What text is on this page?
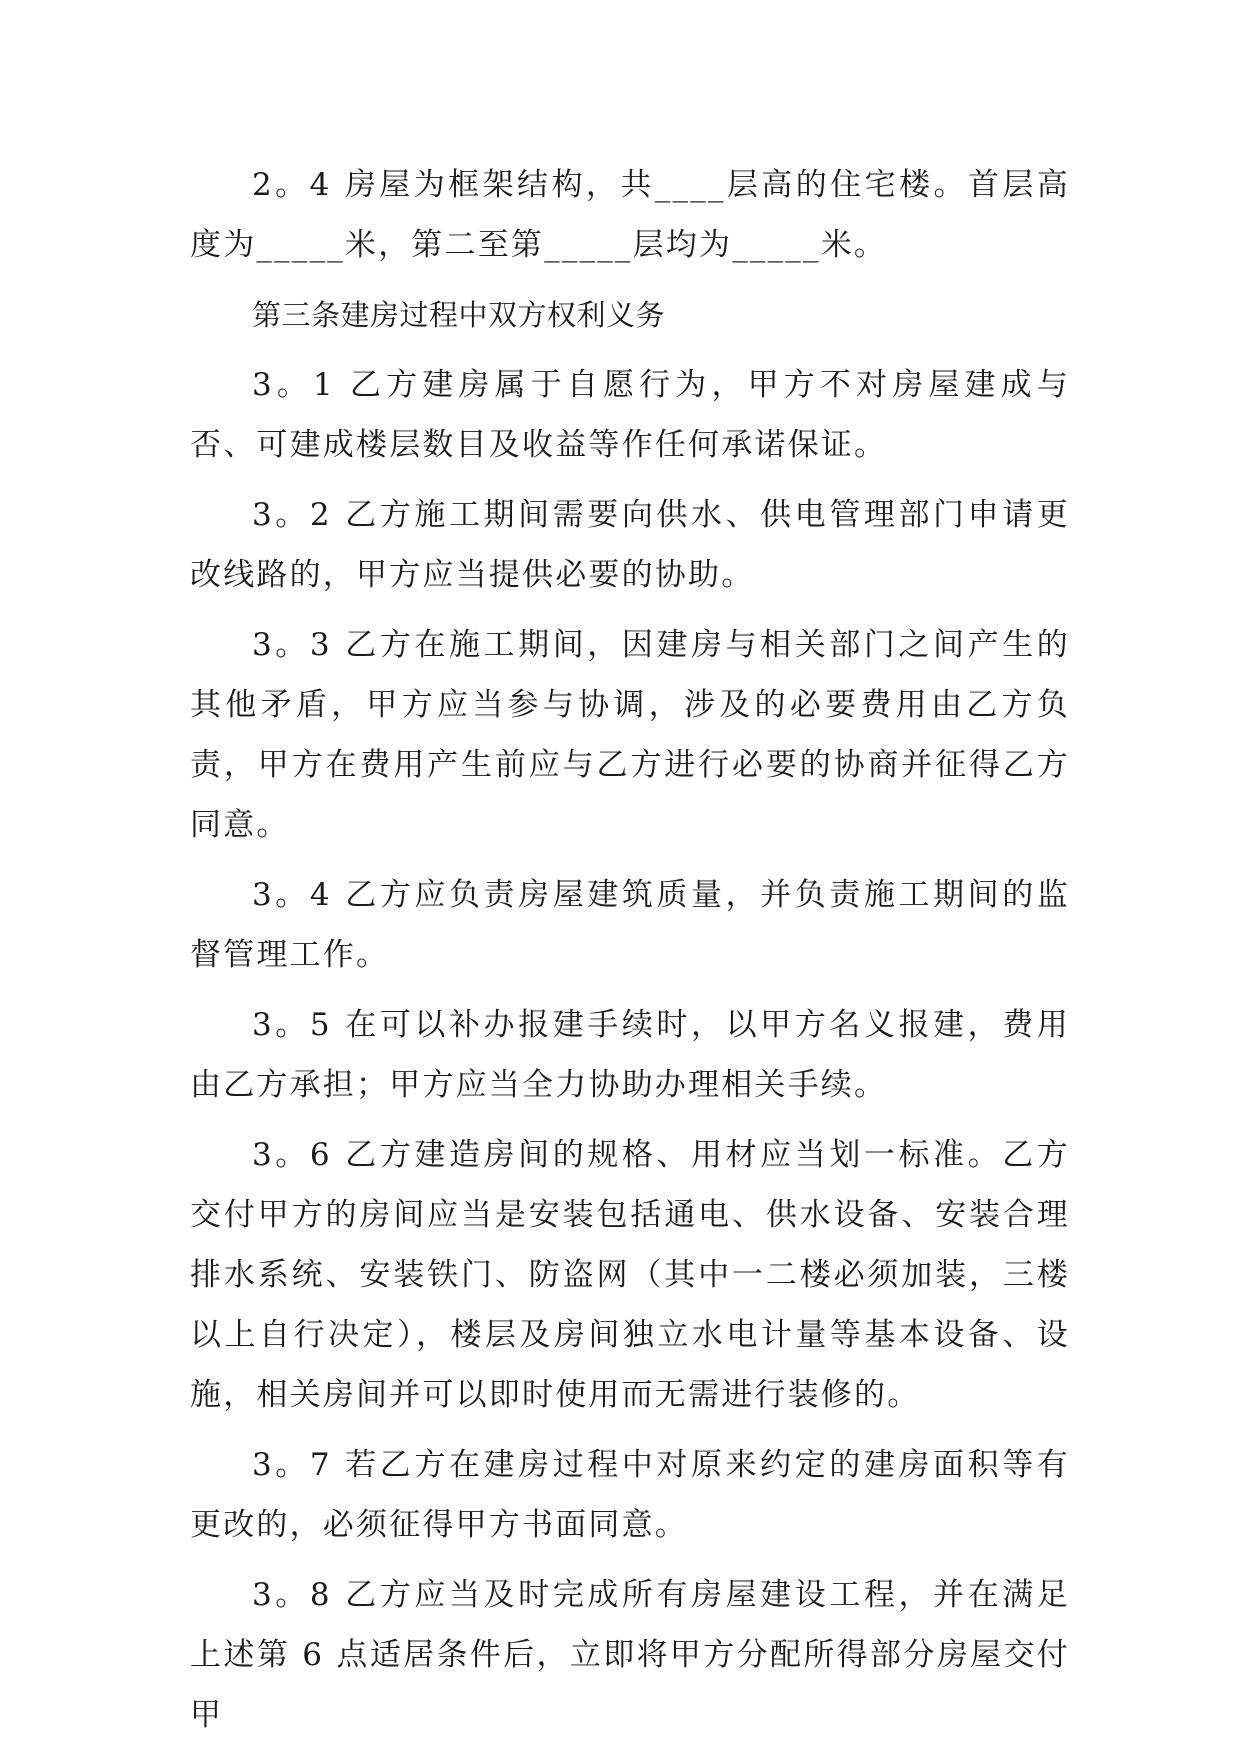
2。4 房屋为框架结构，共____层高的住宅楼。首层高度为_____米，第二至第_____层均为_____米。

第三条建房过程中双方权利义务

3。1 乙方建房属于自愿行为，甲方不对房屋建成与否、可建成楼层数目及收益等作任何承诺保证。

3。2 乙方施工期间需要向供水、供电管理部门申请更改线路的，甲方应当提供必要的协助。

3。3 乙方在施工期间，因建房与相关部门之间产生的其他矛盾，甲方应当参与协调，涉及的必要费用由乙方负责，甲方在费用产生前应与乙方进行必要的协商并征得乙方同意。

3。4 乙方应负责房屋建筑质量，并负责施工期间的监督管理工作。

3。5 在可以补办报建手续时，以甲方名义报建，费用由乙方承担；甲方应当全力协助办理相关手续。

3。6 乙方建造房间的规格、用材应当划一标准。乙方交付甲方的房间应当是安装包括通电、供水设备、安装合理排水系统、安装铁门、防盗网（其中一二楼必须加装，三楼以上自行决定），楼层及房间独立水电计量等基本设备、设施，相关房间并可以即时使用而无需进行装修的。

3。7 若乙方在建房过程中对原来约定的建房面积等有更改的，必须征得甲方书面同意。

3。8 乙方应当及时完成所有房屋建设工程，并在满足上述第 6 点适居条件后，立即将甲方分配所得部分房屋交付甲
